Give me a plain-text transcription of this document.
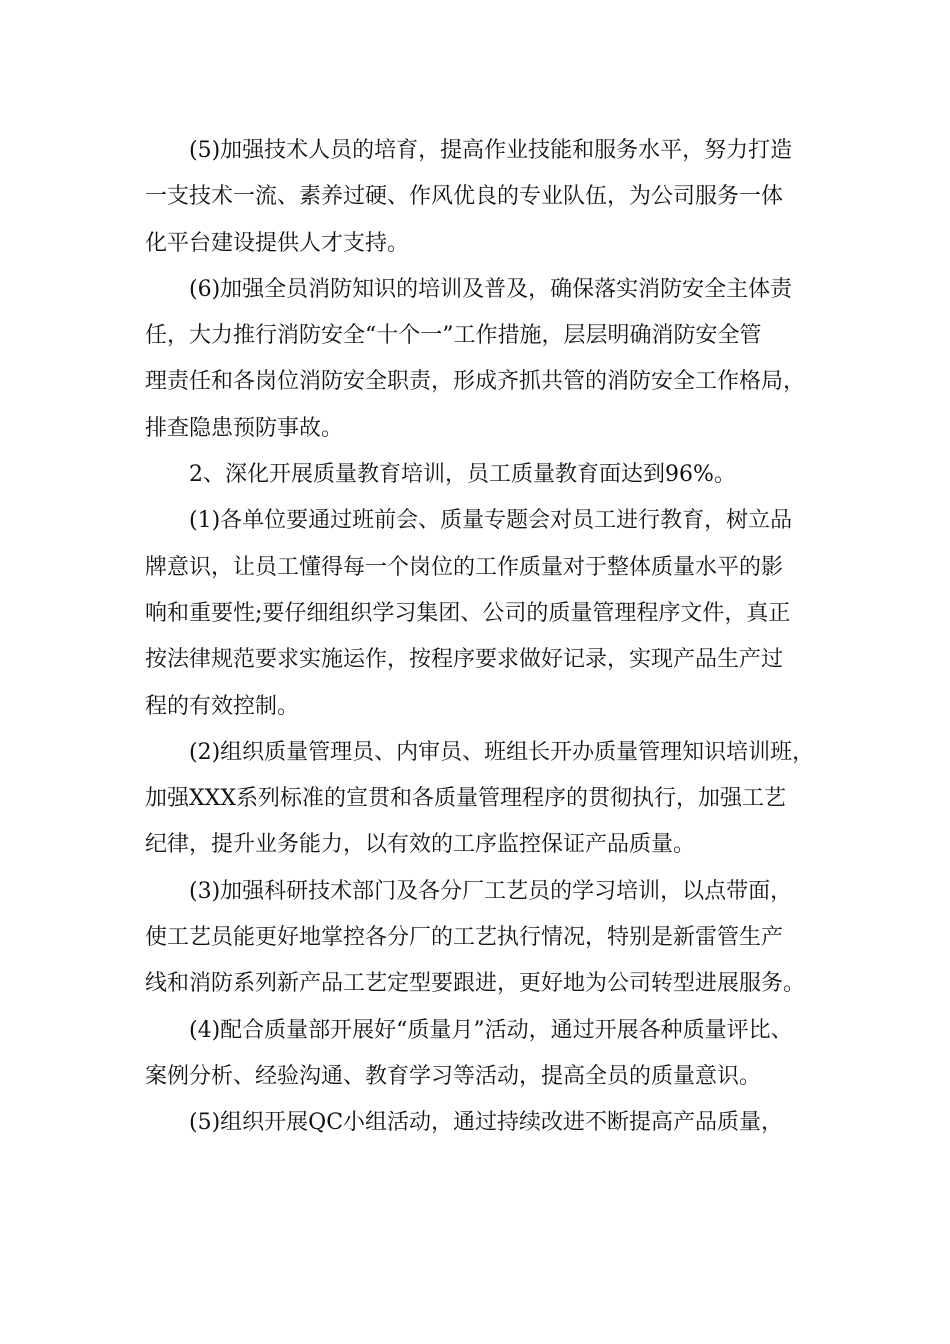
(5)加强技术人员的培育，提高作业技能和服务水平，努力打造
一支技术一流、素养过硬、作风优良的专业队伍，为公司服务一体
化平台建设提供人才支持。
(6)加强全员消防知识的培训及普及，确保落实消防安全主体责
任，大力推行消防安全“十个一”工作措施，层层明确消防安全管
理责任和各岗位消防安全职责，形成齐抓共管的消防安全工作格局，
排查隐患预防事故。
2、深化开展质量教育培训，员工质量教育面达到96%。
(1)各单位要通过班前会、质量专题会对员工进行教育，树立品
牌意识，让员工懂得每一个岗位的工作质量对于整体质量水平的影
响和重要性;要仔细组织学习集团、公司的质量管理程序文件，真正
按法律规范要求实施运作，按程序要求做好记录，实现产品生产过
程的有效控制。
(2)组织质量管理员、内审员、班组长开办质量管理知识培训班，
加强XXX系列标准的宣贯和各质量管理程序的贯彻执行，加强工艺
纪律，提升业务能力，以有效的工序监控保证产品质量。
(3)加强科研技术部门及各分厂工艺员的学习培训，以点带面，
使工艺员能更好地掌控各分厂的工艺执行情况，特别是新雷管生产
线和消防系列新产品工艺定型要跟进，更好地为公司转型进展服务。
(4)配合质量部开展好“质量月”活动，通过开展各种质量评比、
案例分析、经验沟通、教育学习等活动，提高全员的质量意识。
(5)组织开展QC小组活动，通过持续改进不断提高产品质量，
